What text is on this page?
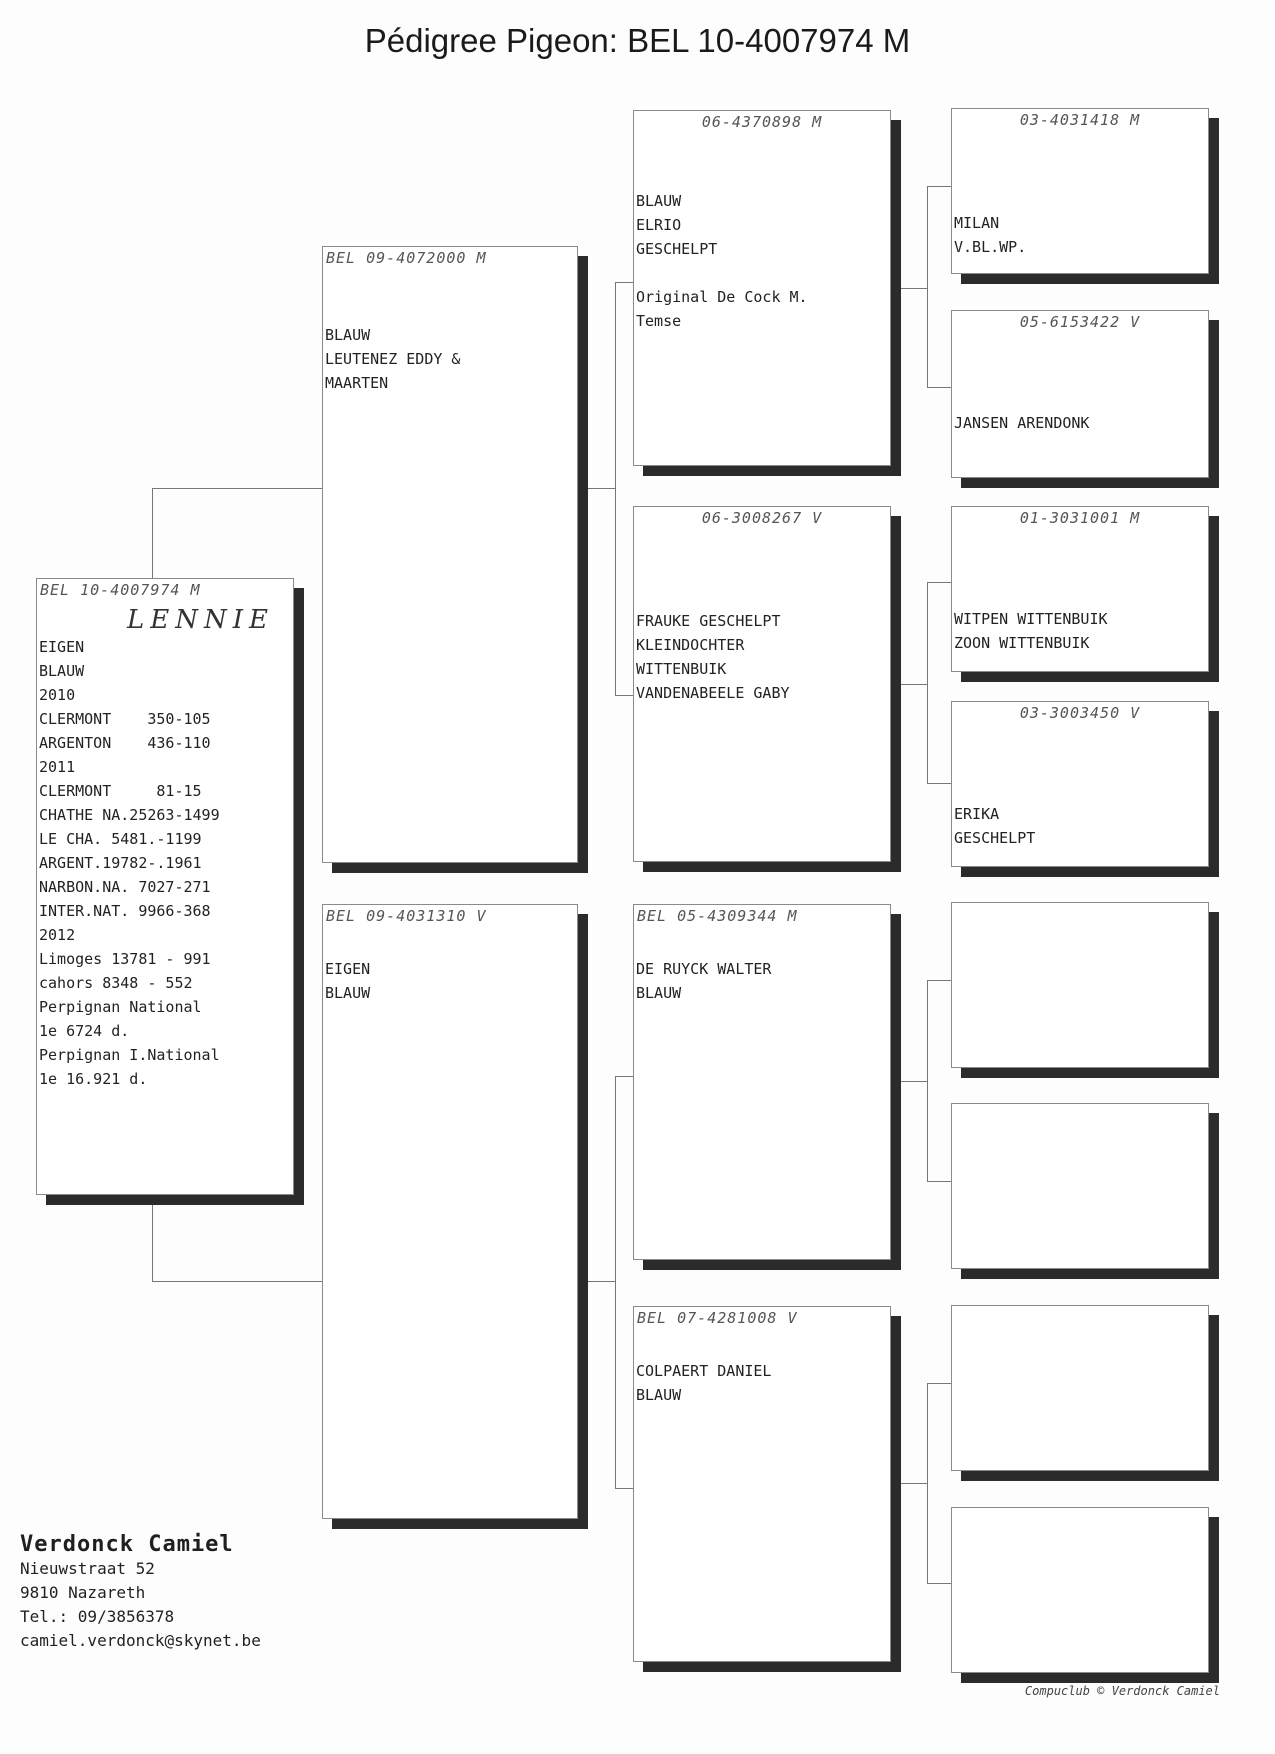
Pédigree Pigeon: BEL 10-4007974 M
BEL 10-4007974 M
LENNIE
EIGEN
BLAUW
2010
CLERMONT    350-105
ARGENTON    436-110
2011
CLERMONT     81-15
CHATHE NA.25263-1499
LE CHA. 5481.-1199
ARGENT.19782-.1961
NARBON.NA. 7027-271
INTER.NAT. 9966-368
2012
Limoges 13781 - 991
cahors 8348 - 552
Perpignan National
1e 6724 d.
Perpignan I.National
1e 16.921 d.
BEL 09-4072000 M
BLAUW
LEUTENEZ EDDY &
MAARTEN
BEL 09-4031310 V
EIGEN
BLAUW
06-4370898 M
BLAUW
ELRIO
GESCHELPT

Original De Cock M.
Temse
06-3008267 V
FRAUKE GESCHELPT
KLEINDOCHTER
WITTENBUIK
VANDENABEELE GABY
BEL 05-4309344 M
DE RUYCK WALTER
BLAUW
BEL 07-4281008 V
COLPAERT DANIEL
BLAUW
03-4031418 M
MILAN
V.BL.WP.
05-6153422 V
JANSEN ARENDONK
01-3031001 M
WITPEN WITTENBUIK
ZOON WITTENBUIK
03-3003450 V
ERIKA
GESCHELPT
Verdonck Camiel
Nieuwstraat 52
9810 Nazareth
Tel.: 09/3856378
camiel.verdonck@skynet.be
Compuclub © Verdonck Camiel
